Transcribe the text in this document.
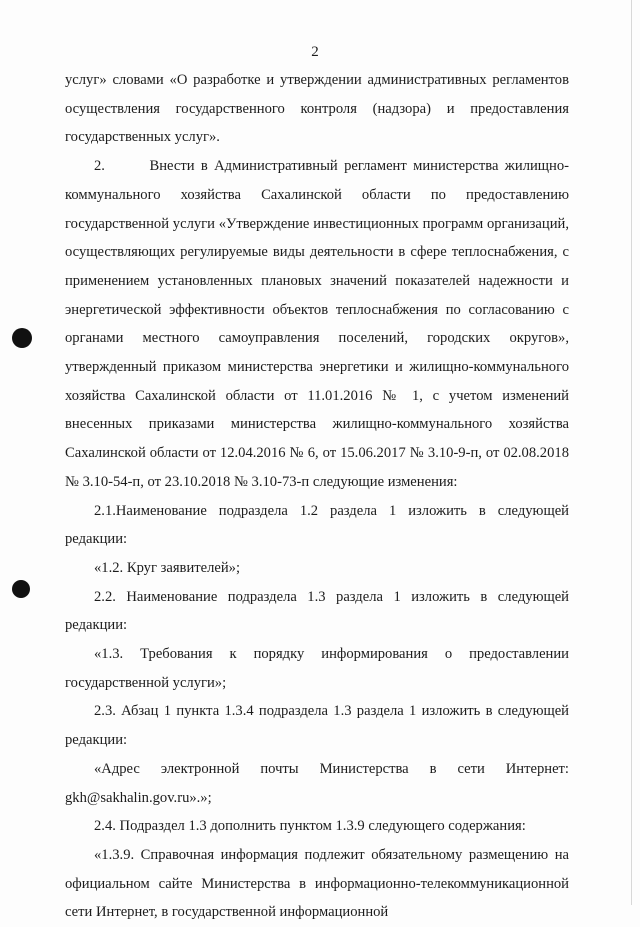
2

услуг» словами «О разработке и утверждении административных регламентов осуществления государственного контроля (надзора) и предоставления государственных услуг».

2.       Внести в Административный регламент министерства жилищно-коммунального хозяйства Сахалинской области по предоставлению государственной услуги «Утверждение инвестиционных программ организаций, осуществляющих регулируемые виды деятельности в сфере теплоснабжения, с применением установленных плановых значений показателей надежности и энергетической эффективности объектов теплоснабжения по согласованию с органами местного самоуправления поселений, городских округов», утвержденный приказом министерства энергетики и жилищно-коммунального хозяйства Сахалинской области от 11.01.2016 № 1, с учетом изменений внесенных приказами министерства жилищно-коммунального хозяйства Сахалинской области от 12.04.2016 № 6, от 15.06.2017 № 3.10-9-п, от 02.08.2018 № 3.10-54-п, от 23.10.2018 № 3.10-73-п следующие изменения:

2.1.Наименование подраздела 1.2 раздела 1 изложить в следующей редакции:

«1.2. Круг заявителей»;

2.2. Наименование подраздела 1.3 раздела 1 изложить в следующей редакции:

«1.3. Требования к порядку информирования о предоставлении государственной услуги»;

2.3. Абзац 1 пункта 1.3.4 подраздела 1.3 раздела 1 изложить в следующей редакции:

«Адрес электронной почты Министерства в сети Интернет: gkh@sakhalin.gov.ru».»;

2.4. Подраздел 1.3 дополнить пунктом 1.3.9 следующего содержания:

«1.3.9. Справочная информация подлежит обязательному размещению на официальном сайте Министерства в информационно-телекоммуникационной сети Интернет, в государственной информационной
